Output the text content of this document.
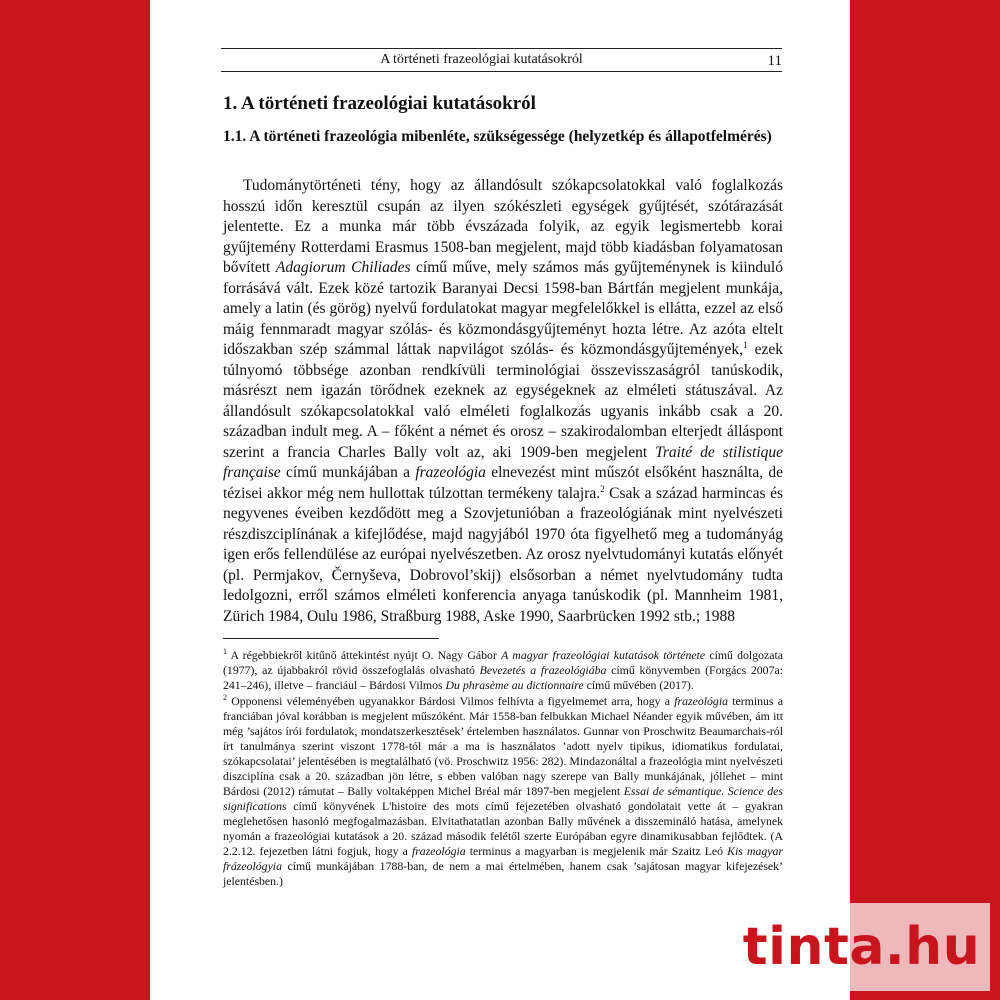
A történeti frazeológiai kutatásokról	11
1. A történeti frazeológiai kutatásokról
1.1. A történeti frazeológia mibenléte, szükségessége (helyzetkép és állapotfelmérés)

Tudománytörténeti tény, hogy az állandósult szókapcsolatokkal való foglalkozás hosszú időn keresztül csupán az ilyen szókészleti egységek gyűjtését, szótárazását jelentette. Ez a munka már több évszázada folyik, az egyik legismertebb korai gyűjtemény Rotterdami Erasmus 1508-ban megjelent, majd több kiadásban folyamatosan bővített Adagiorum Chiliades című műve, mely számos más gyűjteménynek is kiinduló forrásává vált. Ezek közé tartozik Baranyai Decsi 1598-ban Bártfán megjelent munkája, amely a latin (és görög) nyelvű fordulatokat magyar megfelelőkkel is ellátta, ezzel az első máig fennmaradt magyar szólás- és közmondásgyűjteményt hozta létre. Az azóta eltelt időszakban szép számmal láttak napvilágot szólás- és közmondásgyűjtemények,$^1$ ezek túlnyomó többsége azonban rendkívüli terminológiai összevisszaságról tanúskodik, másrészt nem igazán törődnek ezeknek az egységeknek az elméleti státuszával. Az állandósult szókapcsolatokkal való elméleti foglalkozás ugyanis inkább csak a 20. században indult meg. A – főként a német és orosz – szakirodalomban elterjedt álláspont szerint a francia Charles Bally volt az, aki 1909-ben megjelent Traité de stilistique française című munkájában a frazeológia elnevezést mint műszót elsőként használta, de tézisei akkor még nem hullottak túlzottan termékeny talajra.$^2$ Csak a század harmincas és negyvenes éveiben kezdődött meg a Szovjetunióban a frazeológiának mint nyelvészeti részdiszciplínának a kifejlődése, majd nagyjából 1970 óta figyelhető meg a tudományág igen erős fellendülése az európai nyelvészetben. Az orosz nyelvtudományi kutatás előnyét (pl. Permjakov, Černyševa, Dobrovol’skij) elsősorban a német nyelvtudomány tudta ledolgozni, erről számos elméleti konferencia anyaga tanúskodik (pl. Mannheim 1981, Zürich 1984, Oulu 1986, Straßburg 1988, Aske 1990, Saarbrücken 1992 stb.; 1988

$^1$ A régebbiekről kitűnő áttekintést nyújt O. Nagy Gábor A magyar frazeológiai kutatások története című dolgozata (1977), az újabbakról rövid összefoglalás olvasható Bevezetés a frazeológiába című könyvemben (Forgács 2007a: 241–246), illetve – franciául – Bárdosi Vilmos Du phrasème au dictionnaire című művében (2017).

$^2$ Opponensi véleményében ugyanakkor Bárdosi Vilmos felhívta a figyelmemet arra, hogy a frazeológia terminus a franciában jóval korábban is megjelent műszóként. Már 1558-ban felbukkan Michael Néander egyik művében, ám itt még ’sajátos írói fordulatok, mondatszerkesztések’ értelemben használatos. Gunnar von Proschwitz Beaumarchais-ról írt tanulmánya szerint viszont 1778-tól már a ma is használatos ’adott nyelv tipikus, idiomatikus fordulatai, szókapcsolatai’ jelentésében is megtalálható (vö. Proschwitz 1956: 282). Mindazonáltal a frazeológia mint nyelvészeti diszciplína csak a 20. században jön létre, s ebben valóban nagy szerepe van Bally munkájának, jóllehet – mint Bárdosi (2012) rámutat – Bally voltaképpen Michel Bréal már 1897-ben megjelent Essai de sémantique. Science des significations című könyvének L'histoire des mots című fejezetében olvasható gondolatait vette át – gyakran meglehetősen hasonló megfogalmazásban. Elvitathatatlan azonban Bally művének a disszemináló hatása, amelynek nyomán a frazeológiai kutatások a 20. század második felétől szerte Európában egyre dinamikusabban fejlődtek. (A 2.2.12. fejezetben látni fogjuk, hogy a frazeológia terminus a magyarban is megjelenik már Szaitz Leó Kis magyar frázeológyia című munkájában 1788-ban, de nem a mai értelmében, hanem csak ’sajátosan magyar kifejezések’ jelentésben.)

tinta.hu
